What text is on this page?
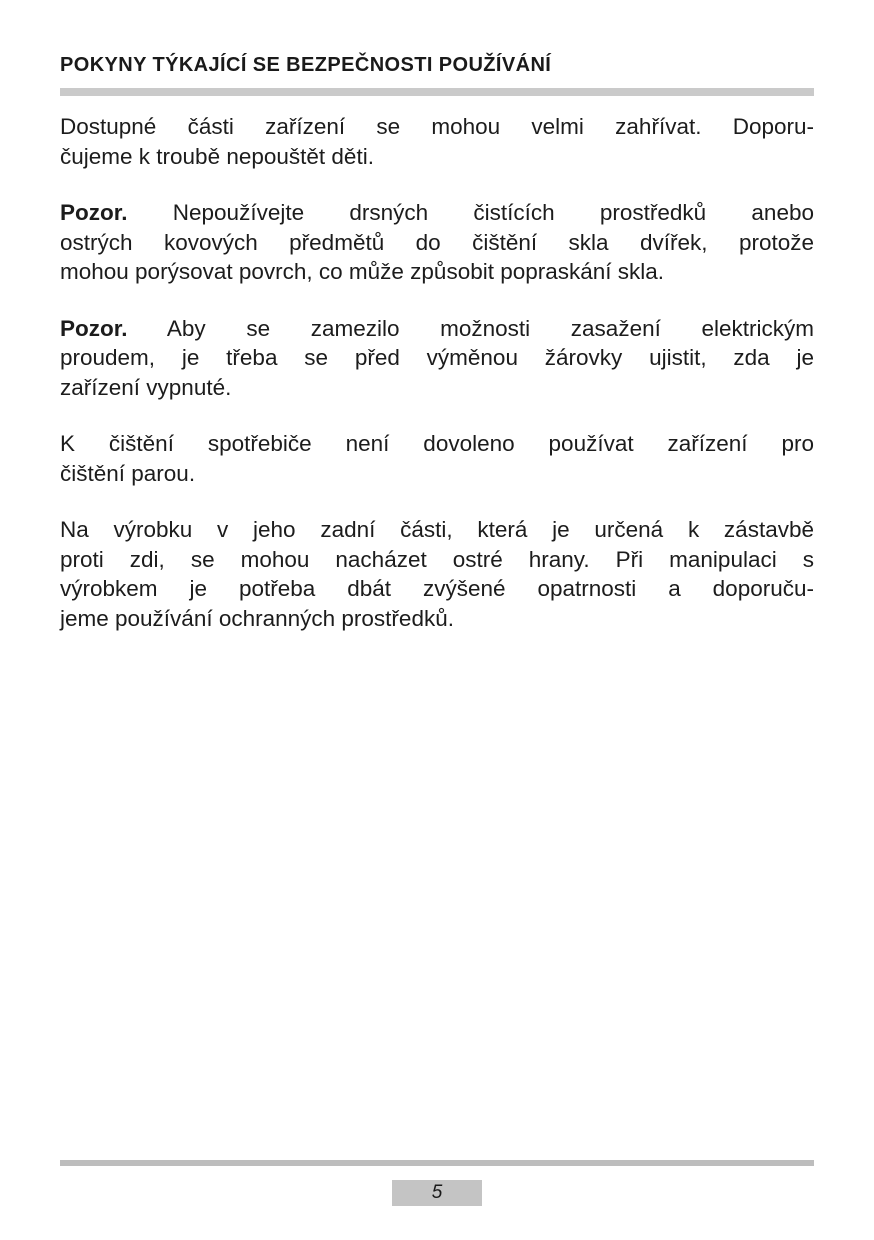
POKYNY TÝKAJÍCÍ SE BEZPEČNOSTI POUŽÍVÁNÍ
Dostupné části zařízení se mohou velmi zahřívat. Doporu-
čujeme k troubě nepouštět děti.
Pozor. Nepoužívejte drsných čistících prostředků anebo
ostrých kovových předmětů do čištění skla dvířek, protože
mohou porýsovat povrch, co může způsobit popraskání skla.
Pozor. Aby se zamezilo možnosti zasažení elektrickým
proudem, je třeba se před výměnou žárovky ujistit, zda je
zařízení vypnuté.
K čištění spotřebiče není dovoleno používat zařízení pro
čištění parou.
Na výrobku v jeho zadní části, která je určená k zástavbě
proti zdi, se mohou nacházet ostré hrany. Při manipulaci s
výrobkem je potřeba dbát zvýšené opatrnosti a doporuču-
jeme používání ochranných prostředků.
5
